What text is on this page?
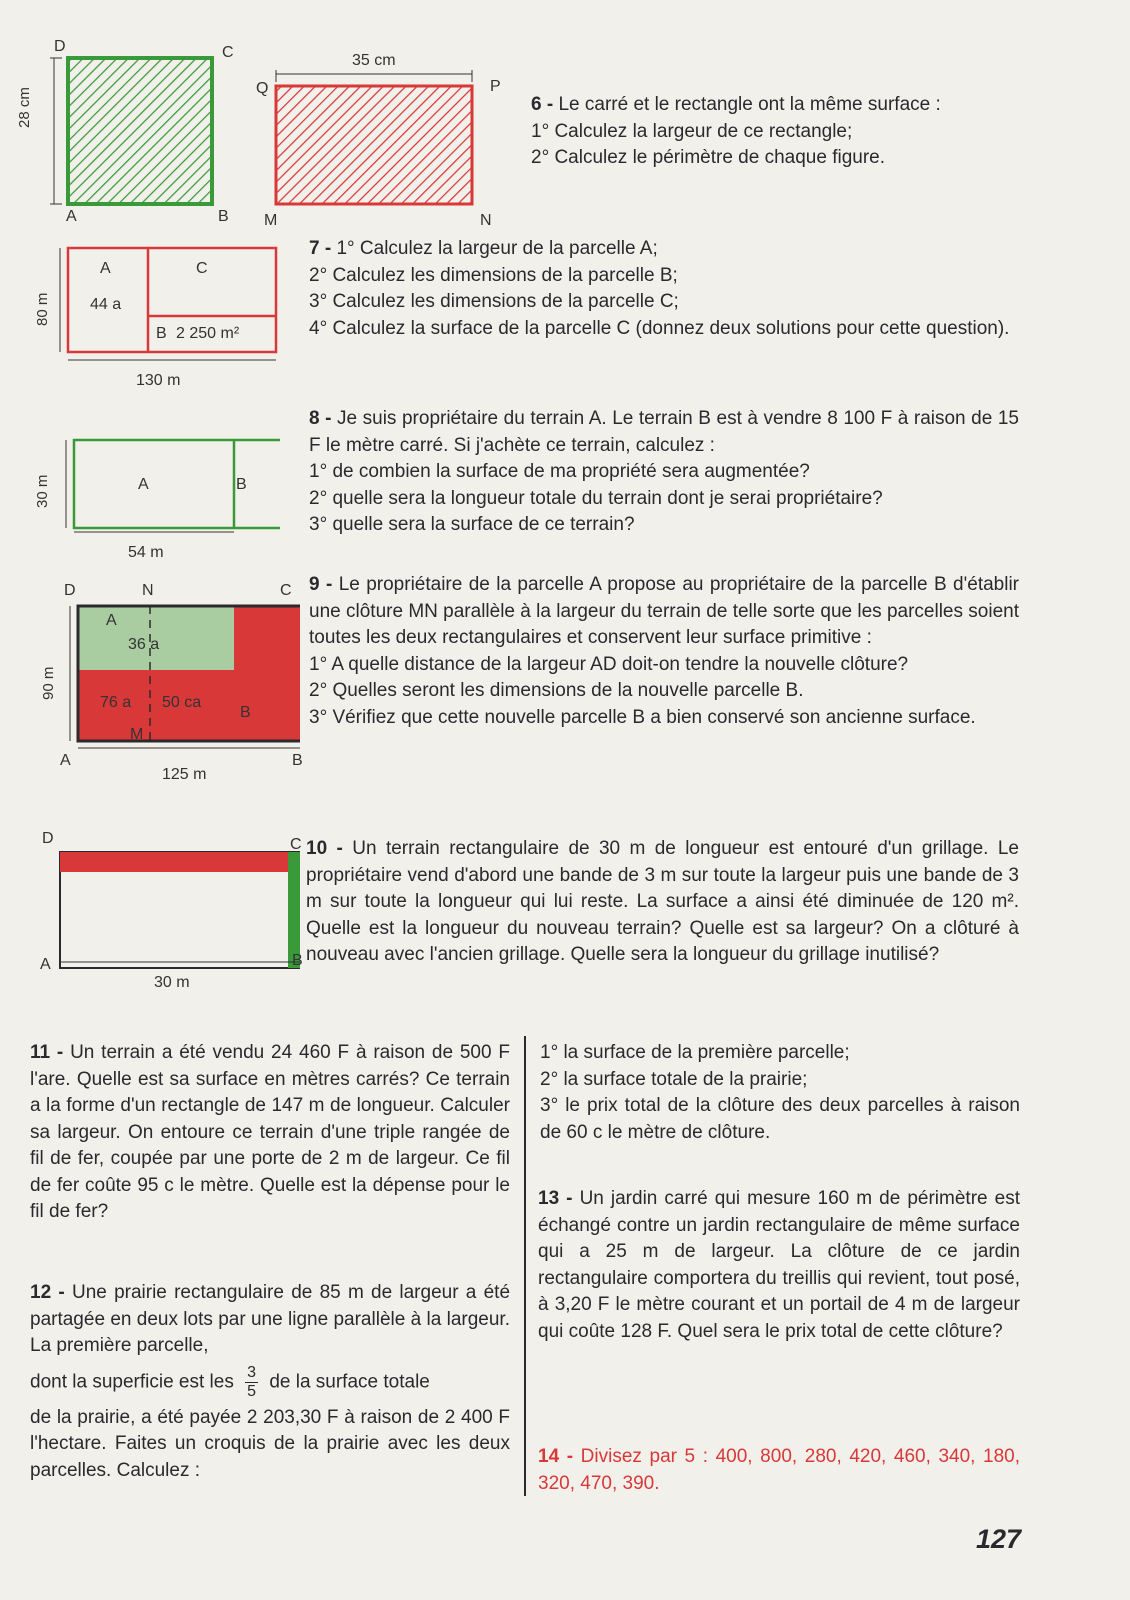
D	C
A	B
28 cm	Q	P
M	N
35 cm
A	C
44 a
B 2 250 m²
80 m
130 m
A	B
30 m
54 m
D	N	C
A
36 a
76 a 50 ca
B
M
A	B
90 m
125 m
D	C
A	B
30 m
6 - Le carré et le rectangle ont la même surface :
1° Calculez la largeur de ce rectangle;
2° Calculez le périmètre de chaque figure.
7 - 1° Calculez la largeur de la parcelle A;
2° Calculez les dimensions de la parcelle B;
3° Calculez les dimensions de la parcelle C;
4° Calculez la surface de la parcelle C (donnez deux solutions pour cette question).
8 - Je suis propriétaire du terrain A. Le terrain B est à vendre 8 100 F à raison de 15 F le mètre carré. Si j'achète ce terrain, calculez :
1° de combien la surface de ma propriété sera augmentée?
2° quelle sera la longueur totale du terrain dont je serai propriétaire?
3° quelle sera la surface de ce terrain?
9 - Le propriétaire de la parcelle A propose au propriétaire de la parcelle B d'établir une clôture MN parallèle à la largeur du terrain de telle sorte que les parcelles soient toutes les deux rectangulaires et conservent leur surface primitive :
1° A quelle distance de la largeur AD doit-on tendre la nouvelle clôture?
2° Quelles seront les dimensions de la nouvelle parcelle B.
3° Vérifiez que cette nouvelle parcelle B a bien conservé son ancienne surface.
10 - Un terrain rectangulaire de 30 m de longueur est entouré d'un grillage. Le propriétaire vend d'abord une bande de 3 m sur toute la largeur puis une bande de 3 m sur toute la longueur qui lui reste. La surface a ainsi été diminuée de 120 m². Quelle est la longueur du nouveau terrain? Quelle est sa largeur? On a clôturé à nouveau avec l'ancien grillage. Quelle sera la longueur du grillage inutilisé?
11 - Un terrain a été vendu 24 460 F à raison de 500 F l'are. Quelle est sa surface en mètres carrés? Ce terrain a la forme d'un rectangle de 147 m de longueur. Calculer sa largeur. On entoure ce terrain d'une triple rangée de fil de fer, coupée par une porte de 2 m de largeur. Ce fil de fer coûte 95 c le mètre. Quelle est la dépense pour le fil de fer?
12 - Une prairie rectangulaire de 85 m de largeur a été partagée en deux lots par une ligne parallèle à la largeur. La première parcelle,
dont la superficie est les $\frac{3}{5}$ de la surface totale
de la prairie, a été payée 2 203,30 F à raison de 2 400 F l'hectare. Faites un croquis de la prairie avec les deux parcelles. Calculez :
1° la surface de la première parcelle;
2° la surface totale de la prairie;
3° le prix total de la clôture des deux parcelles à raison de 60 c le mètre de clôture.
13 - Un jardin carré qui mesure 160 m de périmètre est échangé contre un jardin rectangulaire de même surface qui a 25 m de largeur. La clôture de ce jardin rectangulaire comportera du treillis qui revient, tout posé, à 3,20 F le mètre courant et un portail de 4 m de largeur qui coûte 128 F. Quel sera le prix total de cette clôture?
14 - Divisez par 5 : 400, 800, 280, 420, 460, 340, 180, 320, 470, 390.
127
